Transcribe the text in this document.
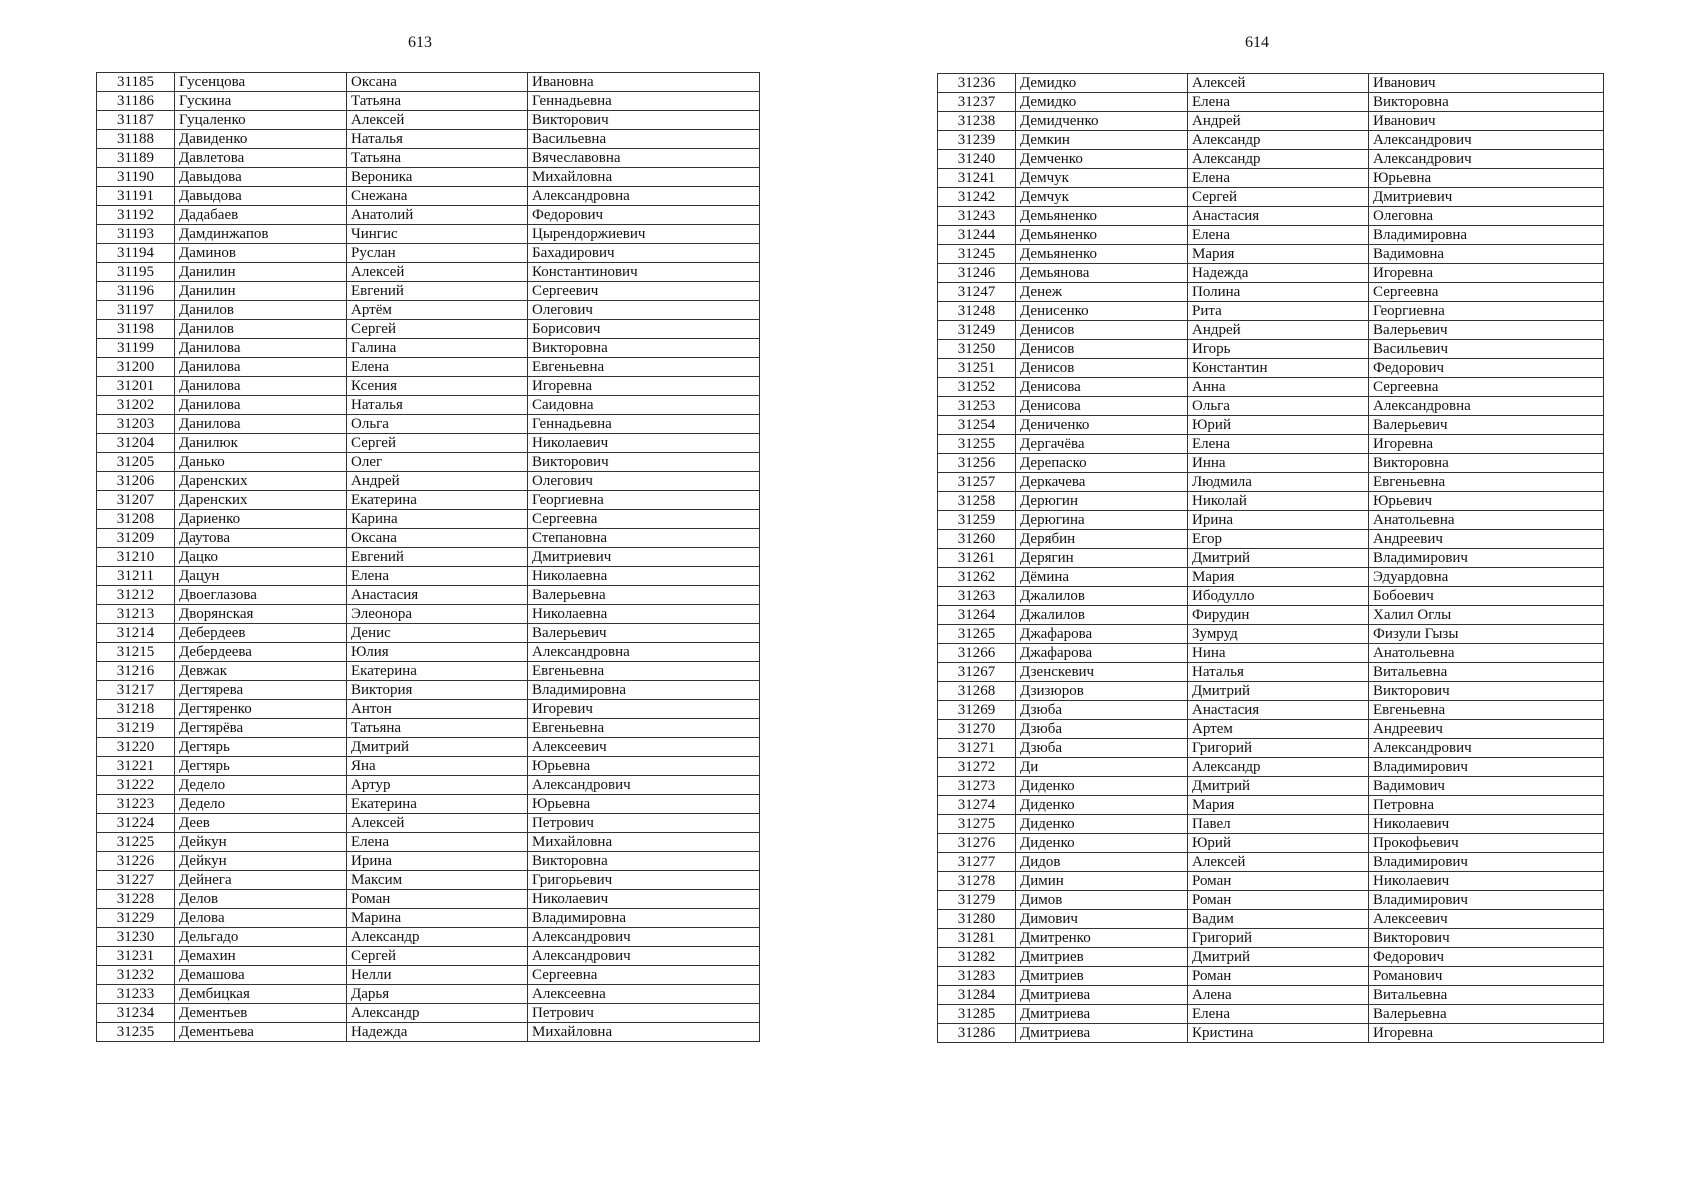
613
31185	Гусенцова	Оксана	Ивановна
31186	Гускина	Татьяна	Геннадьевна
31187	Гуцаленко	Алексей	Викторович
31188	Давиденко	Наталья	Васильевна
31189	Давлетова	Татьяна	Вячеславовна
31190	Давыдова	Вероника	Михайловна
31191	Давыдова	Снежана	Александровна
31192	Дадабаев	Анатолий	Федорович
31193	Дамдинжапов	Чингис	Цырендоржиевич
31194	Даминов	Руслан	Бахадирович
31195	Данилин	Алексей	Константинович
31196	Данилин	Евгений	Сергеевич
31197	Данилов	Артём	Олегович
31198	Данилов	Сергей	Борисович
31199	Данилова	Галина	Викторовна
31200	Данилова	Елена	Евгеньевна
31201	Данилова	Ксения	Игоревна
31202	Данилова	Наталья	Саидовна
31203	Данилова	Ольга	Геннадьевна
31204	Данилюк	Сергей	Николаевич
31205	Данько	Олег	Викторович
31206	Даренских	Андрей	Олегович
31207	Даренских	Екатерина	Георгиевна
31208	Дариенко	Карина	Сергеевна
31209	Даутова	Оксана	Степановна
31210	Дацко	Евгений	Дмитриевич
31211	Дацун	Елена	Николаевна
31212	Двоеглазова	Анастасия	Валерьевна
31213	Дворянская	Элеонора	Николаевна
31214	Дебердеев	Денис	Валерьевич
31215	Дебердеева	Юлия	Александровна
31216	Девжак	Екатерина	Евгеньевна
31217	Дегтярева	Виктория	Владимировна
31218	Дегтяренко	Антон	Игоревич
31219	Дегтярёва	Татьяна	Евгеньевна
31220	Дегтярь	Дмитрий	Алексеевич
31221	Дегтярь	Яна	Юрьевна
31222	Дедело	Артур	Александрович
31223	Дедело	Екатерина	Юрьевна
31224	Деев	Алексей	Петрович
31225	Дейкун	Елена	Михайловна
31226	Дейкун	Ирина	Викторовна
31227	Дейнега	Максим	Григорьевич
31228	Делов	Роман	Николаевич
31229	Делова	Марина	Владимировна
31230	Дельгадо	Александр	Александрович
31231	Демахин	Сергей	Александрович
31232	Демашова	Нелли	Сергеевна
31233	Дембицкая	Дарья	Алексеевна
31234	Дементьев	Александр	Петрович
31235	Дементьева	Надежда	Михайловна
614
31236	Демидко	Алексей	Иванович
31237	Демидко	Елена	Викторовна
31238	Демидченко	Андрей	Иванович
31239	Демкин	Александр	Александрович
31240	Демченко	Александр	Александрович
31241	Демчук	Елена	Юрьевна
31242	Демчук	Сергей	Дмитриевич
31243	Демьяненко	Анастасия	Олеговна
31244	Демьяненко	Елена	Владимировна
31245	Демьяненко	Мария	Вадимовна
31246	Демьянова	Надежда	Игоревна
31247	Денеж	Полина	Сергеевна
31248	Денисенко	Рита	Георгиевна
31249	Денисов	Андрей	Валерьевич
31250	Денисов	Игорь	Васильевич
31251	Денисов	Константин	Федорович
31252	Денисова	Анна	Сергеевна
31253	Денисова	Ольга	Александровна
31254	Дениченко	Юрий	Валерьевич
31255	Дергачёва	Елена	Игоревна
31256	Дерепаско	Инна	Викторовна
31257	Деркачева	Людмила	Евгеньевна
31258	Дерюгин	Николай	Юрьевич
31259	Дерюгина	Ирина	Анатольевна
31260	Дерябин	Егор	Андреевич
31261	Дерягин	Дмитрий	Владимирович
31262	Дёмина	Мария	Эдуардовна
31263	Джалилов	Ибодулло	Бобоевич
31264	Джалилов	Фирудин	Халил Оглы
31265	Джафарова	Зумруд	Физули Гызы
31266	Джафарова	Нина	Анатольевна
31267	Дзенскевич	Наталья	Витальевна
31268	Дзизюров	Дмитрий	Викторович
31269	Дзюба	Анастасия	Евгеньевна
31270	Дзюба	Артем	Андреевич
31271	Дзюба	Григорий	Александрович
31272	Ди	Александр	Владимирович
31273	Диденко	Дмитрий	Вадимович
31274	Диденко	Мария	Петровна
31275	Диденко	Павел	Николаевич
31276	Диденко	Юрий	Прокофьевич
31277	Дидов	Алексей	Владимирович
31278	Димин	Роман	Николаевич
31279	Димов	Роман	Владимирович
31280	Димович	Вадим	Алексеевич
31281	Дмитренко	Григорий	Викторович
31282	Дмитриев	Дмитрий	Федорович
31283	Дмитриев	Роман	Романович
31284	Дмитриева	Алена	Витальевна
31285	Дмитриева	Елена	Валерьевна
31286	Дмитриева	Кристина	Игоревна
